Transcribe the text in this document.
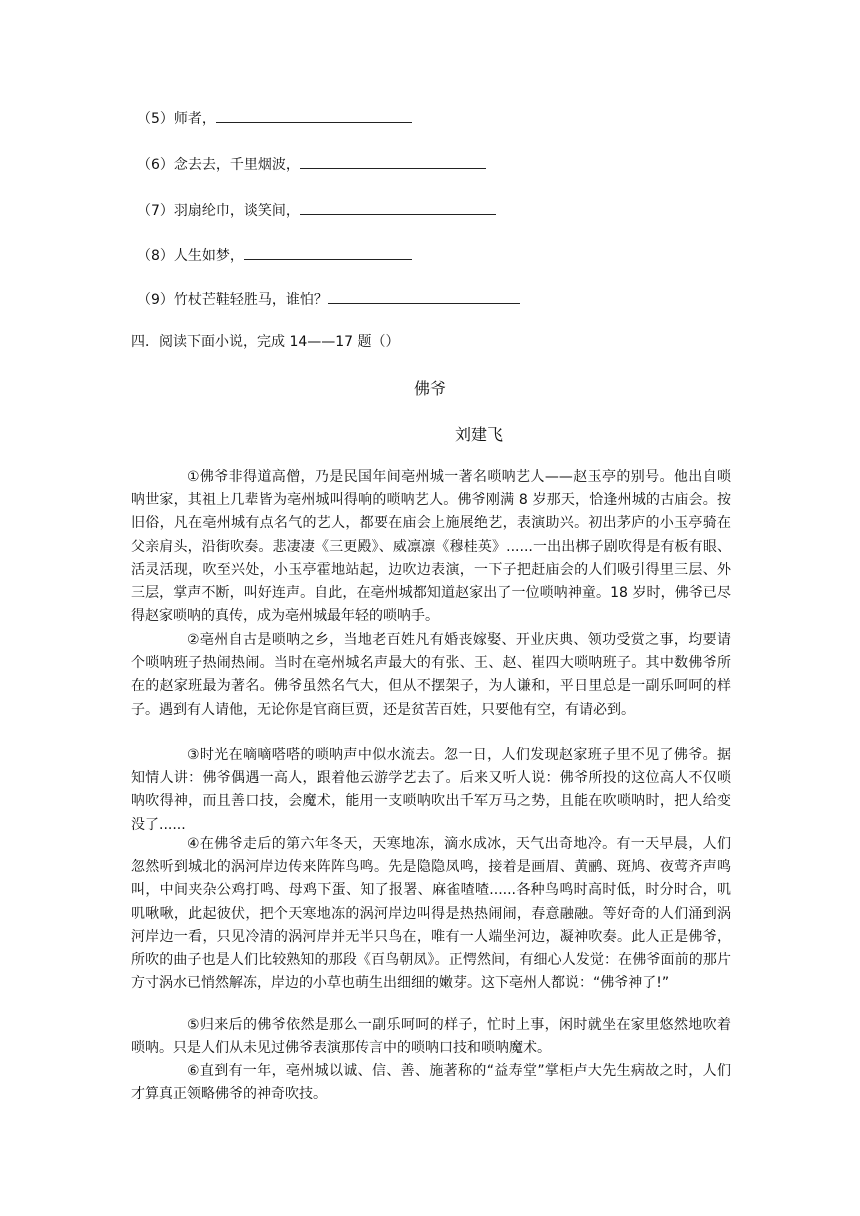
（5）师者，
（6）念去去，千里烟波，
（7）羽扇纶巾，谈笑间，
（8）人生如梦，
（9）竹杖芒鞋轻胜马，谁怕？
四．阅读下面小说，完成 14——17 题（）
佛爷
刘建飞
①佛爷非得道高僧，乃是民国年间亳州城一著名唢呐艺人——赵玉亭的别号。他出自唢呐世家，其祖上几辈皆为亳州城叫得响的唢呐艺人。佛爷刚满 8 岁那天，恰逢州城的古庙会。按旧俗，凡在亳州城有点名气的艺人，都要在庙会上施展绝艺，表演助兴。初出茅庐的小玉亭骑在父亲肩头，沿街吹奏。悲凄凄《三更殿》、威凛凛《穆桂英》......一出出梆子剧吹得是有板有眼、活灵活现，吹至兴处，小玉亭霍地站起，边吹边表演，一下子把赶庙会的人们吸引得里三层、外三层，掌声不断，叫好连声。自此，在亳州城都知道赵家出了一位唢呐神童。18 岁时，佛爷已尽得赵家唢呐的真传，成为亳州城最年轻的唢呐手。
②亳州自古是唢呐之乡，当地老百姓凡有婚丧嫁娶、开业庆典、领功受赏之事，均要请个唢呐班子热闹热闹。当时在亳州城名声最大的有张、王、赵、崔四大唢呐班子。其中数佛爷所在的赵家班最为著名。佛爷虽然名气大，但从不摆架子，为人谦和，平日里总是一副乐呵呵的样子。遇到有人请他，无论你是官商巨贾，还是贫苦百姓，只要他有空，有请必到。
③时光在嘀嘀嗒嗒的唢呐声中似水流去。忽一日，人们发现赵家班子里不见了佛爷。据知情人讲：佛爷偶遇一高人，跟着他云游学艺去了。后来又听人说：佛爷所投的这位高人不仅唢呐吹得神，而且善口技，会魔术，能用一支唢呐吹出千军万马之势，且能在吹唢呐时，把人给变没了......
④在佛爷走后的第六年冬天，天寒地冻，滴水成冰，天气出奇地冷。有一天早晨，人们忽然听到城北的涡河岸边传来阵阵鸟鸣。先是隐隐凤鸣，接着是画眉、黄鹂、斑鸠、夜莺齐声鸣叫，中间夹杂公鸡打鸣、母鸡下蛋、知了报署、麻雀喳喳......各种鸟鸣时高时低，时分时合，叽叽啾啾，此起彼伏，把个天寒地冻的涡河岸边叫得是热热闹闹，春意融融。等好奇的人们涌到涡河岸边一看，只见冷清的涡河岸并无半只鸟在，唯有一人端坐河边，凝神吹奏。此人正是佛爷，所吹的曲子也是人们比较熟知的那段《百鸟朝凤》。正愕然间，有细心人发觉：在佛爷面前的那片方寸涡水已悄然解冻，岸边的小草也萌生出细细的嫩芽。这下亳州人都说：“佛爷神了!”
⑤归来后的佛爷依然是那么一副乐呵呵的样子，忙时上事，闲时就坐在家里悠然地吹着唢呐。只是人们从未见过佛爷表演那传言中的唢呐口技和唢呐魔术。
⑥直到有一年，亳州城以诚、信、善、施著称的“益寿堂”掌柜卢大先生病故之时，人们才算真正领略佛爷的神奇吹技。
